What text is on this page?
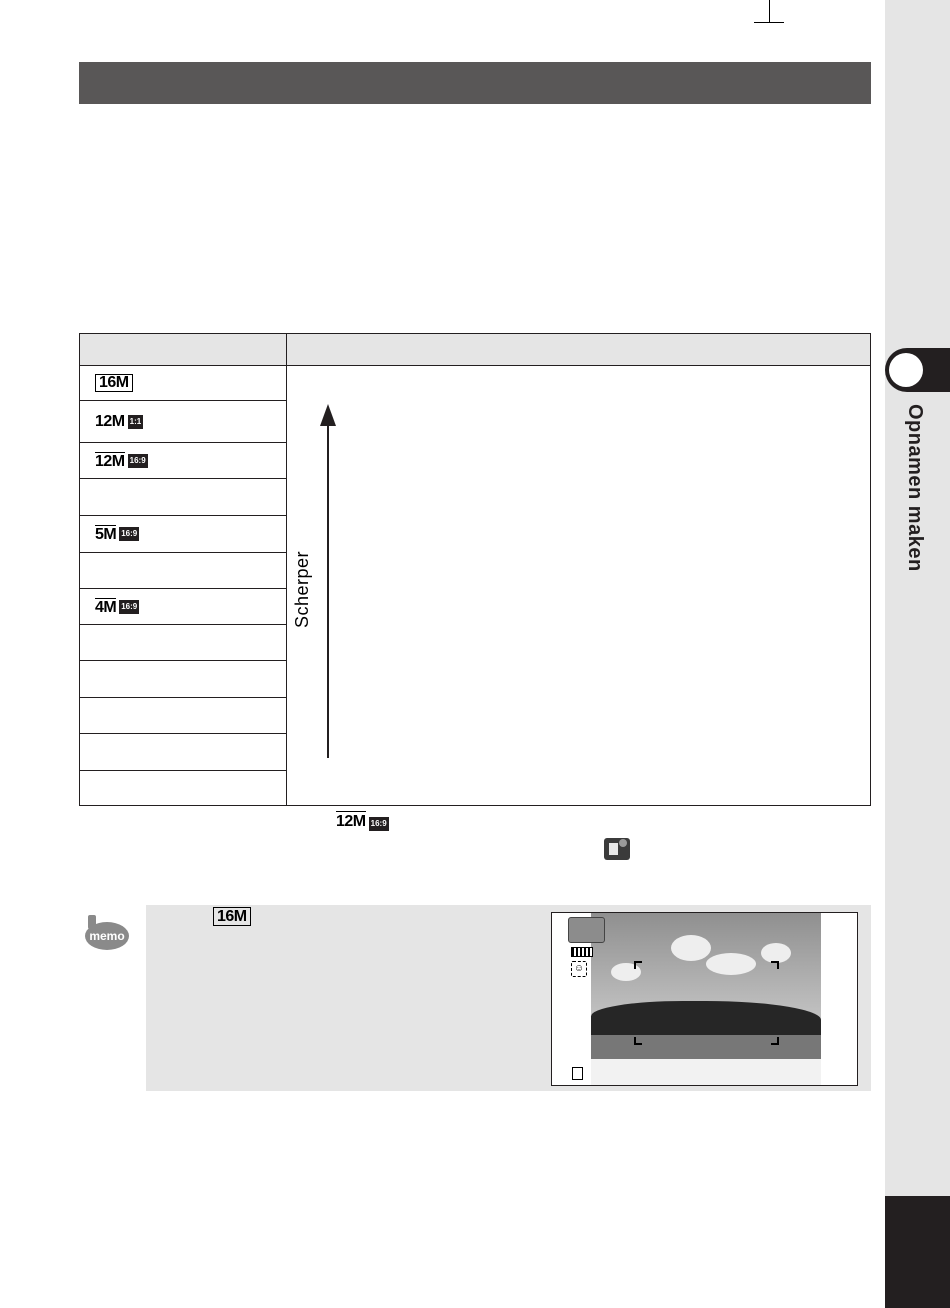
Opnamen maken
16M
12M 1:1
12M 16:9
5M 16:9
4M 16:9	Scherper
12M 16:9
memo
16M
☺
